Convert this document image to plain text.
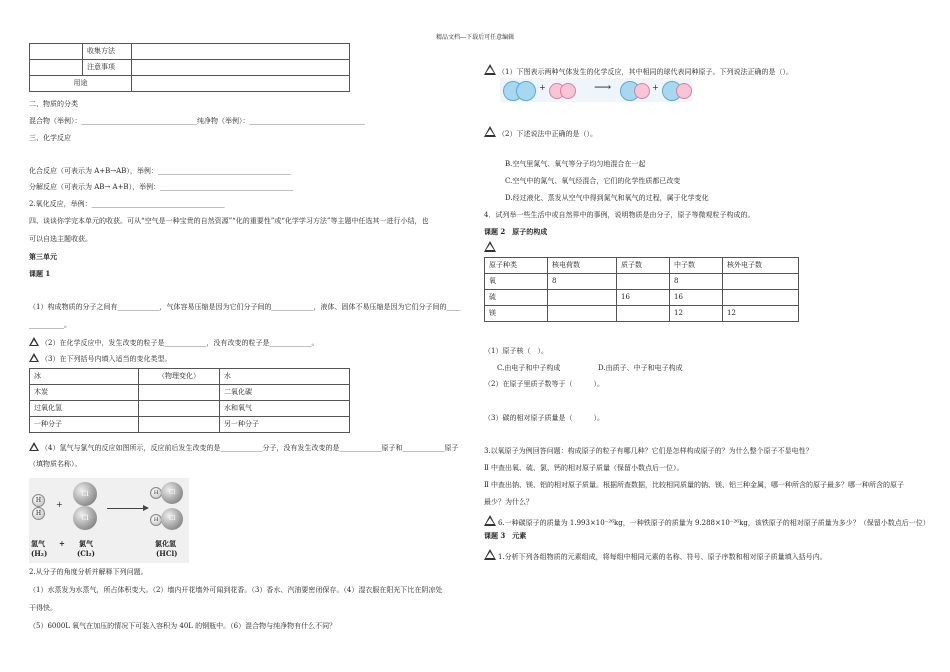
精品文档---下载后可任意编辑
	收集方法	
	注意事项	
用途		
二、物质的分类
混合物（举例）：_________________________________纯净物（举例）：_________________________________
三、化学反应
化合反应（可表示为 A+B→AB），举例：______________________________________
分解反应（可表示为 AB→ A+B），举例：______________________________________
2.氧化反应，举例：______________________________________
四、谈谈你学完本单元的收获。可从“空气是一种宝贵的自然资源”“化的重要性”或“化学学习方法”等主题中任选其一进行小结，也
可以自选主题收获。
第三单元
课题 1
（1）构成物质的分子之间有____________，气体容易压缩是因为它们分子间的____________，液体、固体不易压缩是因为它们分子间的____
__________。
（2）在化学反应中，发生改变的粒子是____________，没有改变的粒子是____________。
（3）在下列括号内填入适当的变化类型。
冰	（物理变化）	水
木炭		二氧化碳
过氧化氢		水和氧气
一种分子		另一种分子
（4）氢气与氯气的反应如图所示，反应前后发生改变的是____________分子，没有发生改变的是____________原子和____________原子
（填物质名称）。
H
H
+
Cl
Cl
H	Cl
H	Cl
氢气
(H₂)
+ 氯气
(Cl₂)
氯化氢
(HCl)
2.从分子的角度分析并解释下列问题。
（1）水蒸发为水蒸气，所占体积变大。（2）墙内开花墙外可闻到花香。（3）香水、汽油要密闭保存。（4）湿衣服在阳光下比在阴凉处
干得快。
（5）6000L 氧气在加压的情况下可装入容积为 40L 的钢瓶中。（6）混合物与纯净物有什么不同？
（1）下图表示两种气体发生的化学反应，其中相同的球代表同种原子。下列说法正确的是（）。
+	⟶	+
（2）下述说法中正确的是（）。
B.空气里氮气、氧气等分子均匀地混合在一起
C.空气中的氮气、氧气经混合，它们的化学性质都已改变
D.经过液化、蒸发从空气中得到氮气和氧气的过程，属于化学变化
4．试列举一些生活中或自然界中的事例，说明物质是由分子，原子等微观粒子构成的。
课题 2　原子的构成
原子种类	核电荷数	质子数	中子数	核外电子数
氧	8		8	
硫		16	16	
镁			12	12
（1）原子核（　）。
C.由电子和中子构成	D.由质子、中子和电子构成
（2）在原子里质子数等于（　　　）。
（3）碳的相对原子质量是（　　　）。
3.以氧原子为例回答问题：构成原子的粒子有哪几种？它们是怎样构成原子的？为什么整个原子不显电性？
Ⅱ 中查出氧、硫、氯、钙的相对原子质量（保留小数点后一位）。
Ⅱ 中查出钠、镁、铝的相对原子质量。根据所查数据，比较相同质量的钠、镁、铝三种金属，哪一种所含的原子最多？哪一种所含的原子
最少？为什么？
6.一种碳原子的质量为 1.993×10⁻²⁶kg，一种铁原子的质量为 9.288×10⁻²⁶kg，该铁原子的相对原子质量为多少？（保留小数点后一位）
课题 3　元素
1.分析下列各组物质的元素组成，将每组中相同元素的名称、符号、原子序数和相对原子质量填入括号内。
